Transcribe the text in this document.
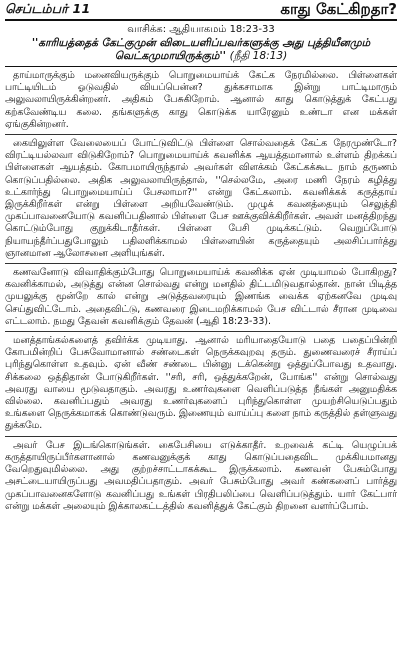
செப்டம்பர் 11	காது கேட்கிறதா?
வாசிக்க: ஆதியாகமம் 18:23-33
''காரியத்தைக் கேட்குமுன் விடையளிப்பவர்களுக்கு அது புத்தியீனமும் வெட்கமுமாயிருக்கும்'' (நீதி 18:13)

தாய்மாருக்கும் மனைவியருக்கும் பொறுமையாய்க் கேட்க நேரமில்லை. பிள்ளைகள் பாட்டியிடம் ஓடுவதில் வியப்பென்ன? துக்கசாமாக இன்று பாட்டிமாரும் அலுவலாயிருக்கின்றனர். அதிகம் பேசுகிறோம். ஆனால் காது கொடுத்துக் கேட்பது கற்கவேண்டிய கலை. தங்களுக்கு காது கொடுக்க யாரேனும் உண்டா என மக்கள் ஏங்குகின்றனர்.

கையிலுள்ள வேலையைப் போட்டுவிட்டு பிள்ளை சொல்வதைக் கேட்க நேரமுண்டோ? விரட்டியல்லவா விடுகிறோம்? பொறுமையாய்க் கவனிக்க ஆயத்தமானால் உள்ளம் திறக்கப் பிள்ளைகள் ஆயத்தம். கோபமாயிருந்தால் அவர்கள் விளக்கம் கேட்கக்கூட நாம் தருணம் கொடுப்பதில்லை. அதிக அலுவலாயிருந்தால், ''செல்லமே, அரை மணி நேரம் கழித்து உட்கார்ந்து பொறுமையாய்ப் பேசலாமா?'' என்று கேட்கலாம். கவனிக்கக் கருத்தாய் இருக்கிறீர்கள் என்று பிள்ளை அறியவேண்டும். முழுக் கவனத்தையும் செலுத்தி முகப்பாவனையோடு கவனிப்பதினால் பிள்ளை பேச ஊக்குவிக்கிறீர்கள். அவள் மனத்திறந்து கொட்டும்போது குறுக்கிடாதீர்கள். பிள்ளை பேசி முடிக்கட்டும். வெறுப்போடு நியாயந்தீர்ப்பதுபோலும் பதிலளிக்காமல் பிள்ளையின் கருத்தையும் அலசிப்பார்த்து ஞானமான ஆலோசனை அளியுங்கள்.

கணவனோடு விவாதிக்கும்போது பொறுமையாய்க் கவனிக்க ஏன் முடியாமல் போகிறது? கவனிக்காமல், அடுத்து என்ன சொல்வது என்று மனதில் திட்டமிடுவதால்தான். நான் பிடித்த முயலுக்கு மூன்றே கால் என்று அடுத்தவரையும் இணங்க வைக்க ஏற்கனவே முடிவு செய்துவிட்டோம். அதைவிட்டு, கணவரை இடைமறிக்காமல் பேச விட்டால் சீரான முடிவை எட்டலாம். நமது தேவன் கவனிக்கும் தேவன் (ஆதி 18:23-33).

மனத்தாங்கல்களைத் தவிர்க்க முடியாது. ஆனால் மரியாதையோடு பதை பதைப்பின்றி கோபமின்றிப் பேசுவோமானால் சண்டைகள் நெருக்கவுறவு தரும். துணைவரைச் சீராய்ப் புரிந்துகொள்ள உதவும். ஏன் வீண் சண்டை பின்னு டக்கென்று ஒத்துப்போவது உதவாது. சிக்கலை ஒத்திதான் போடுகிறீர்கள். ''சரி, சரி, ஒத்துக்கறேன், போங்க'' என்று சொல்வது அவரது வாயை மூடுவதாகும். அவரது உணர்வுகளை வெளிப்படுத்த நீங்கள் அனுமதிக்க வில்லை. கவனிப்பதும் அவரது உணர்வுகளைப் புரிந்துகொள்ள முயற்சியெடுப்பதும் உங்களை நெருக்கமாகக் கொண்டுவரும். இணையும் வாய்ப்பு களை நாம் கருத்தில் தள்ளுவது துக்கமே.

அவர் பேச இடங்கொடுங்கள். கைபேசியை எடுக்காதீர். உறவைக் கட்டி யெழுப்பக் கருத்தாயிருப்பீர்களானால் கணவனுக்குக் காது கொடுப்பதைவிட முக்கியமானது வேறெதுவுமில்லை. அது குற்றச்சாட்டாகக்கூட இருக்கலாம். கணவன் பேசும்போது அசட்டையாயிருப்பது அவமதிப்பதாகும். அவர் பேசும்போது அவர் கண்களைப் பார்த்து முகப்பாவனைகளோடு கவனிப்பது உங்கள் பிரதிபலிப்பை வெளிப்படுத்தும். யார் கேட்பார் என்று மக்கள் அலையும் இக்காலகட்டத்தில் கவனித்துக் கேட்கும் திறனை வளர்ப்போம்.
